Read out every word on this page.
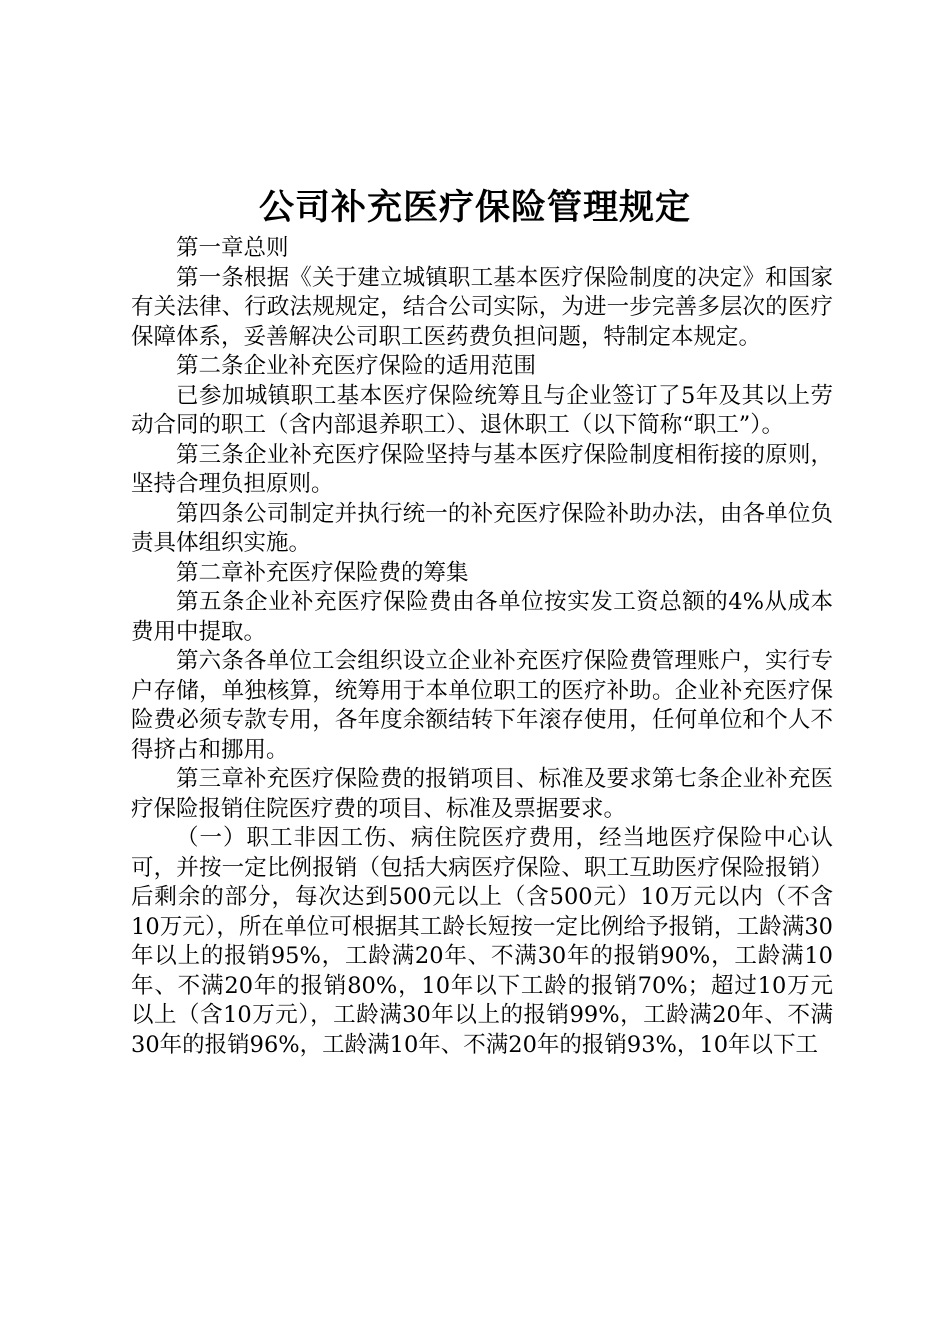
公司补充医疗保险管理规定

第一章总则

第一条根据《关于建立城镇职工基本医疗保险制度的决定》和国家有关法律、行政法规规定，结合公司实际，为进一步完善多层次的医疗保障体系，妥善解决公司职工医药费负担问题，特制定本规定。

第二条企业补充医疗保险的适用范围

已参加城镇职工基本医疗保险统筹且与企业签订了5年及其以上劳动合同的职工（含内部退养职工）、退休职工（以下简称“职工”）。

第三条企业补充医疗保险坚持与基本医疗保险制度相衔接的原则，坚持合理负担原则。

第四条公司制定并执行统一的补充医疗保险补助办法，由各单位负责具体组织实施。

第二章补充医疗保险费的筹集

第五条企业补充医疗保险费由各单位按实发工资总额的4%从成本费用中提取。

第六条各单位工会组织设立企业补充医疗保险费管理账户，实行专户存储，单独核算，统筹用于本单位职工的医疗补助。企业补充医疗保险费必须专款专用，各年度余额结转下年滚存使用，任何单位和个人不得挤占和挪用。

第三章补充医疗保险费的报销项目、标准及要求第七条企业补充医疗保险报销住院医疗费的项目、标准及票据要求。

（一）职工非因工伤、病住院医疗费用，经当地医疗保险中心认可，并按一定比例报销（包括大病医疗保险、职工互助医疗保险报销）后剩余的部分，每次达到500元以上（含500元）10万元以内（不含10万元），所在单位可根据其工龄长短按一定比例给予报销，工龄满30年以上的报销95%，工龄满20年、不满30年的报销90%，工龄满10年、不满20年的报销80%，10年以下工龄的报销70%；超过10万元以上（含10万元），工龄满30年以上的报销99%，工龄满20年、不满30年的报销96%，工龄满10年、不满20年的报销93%，10年以下工
